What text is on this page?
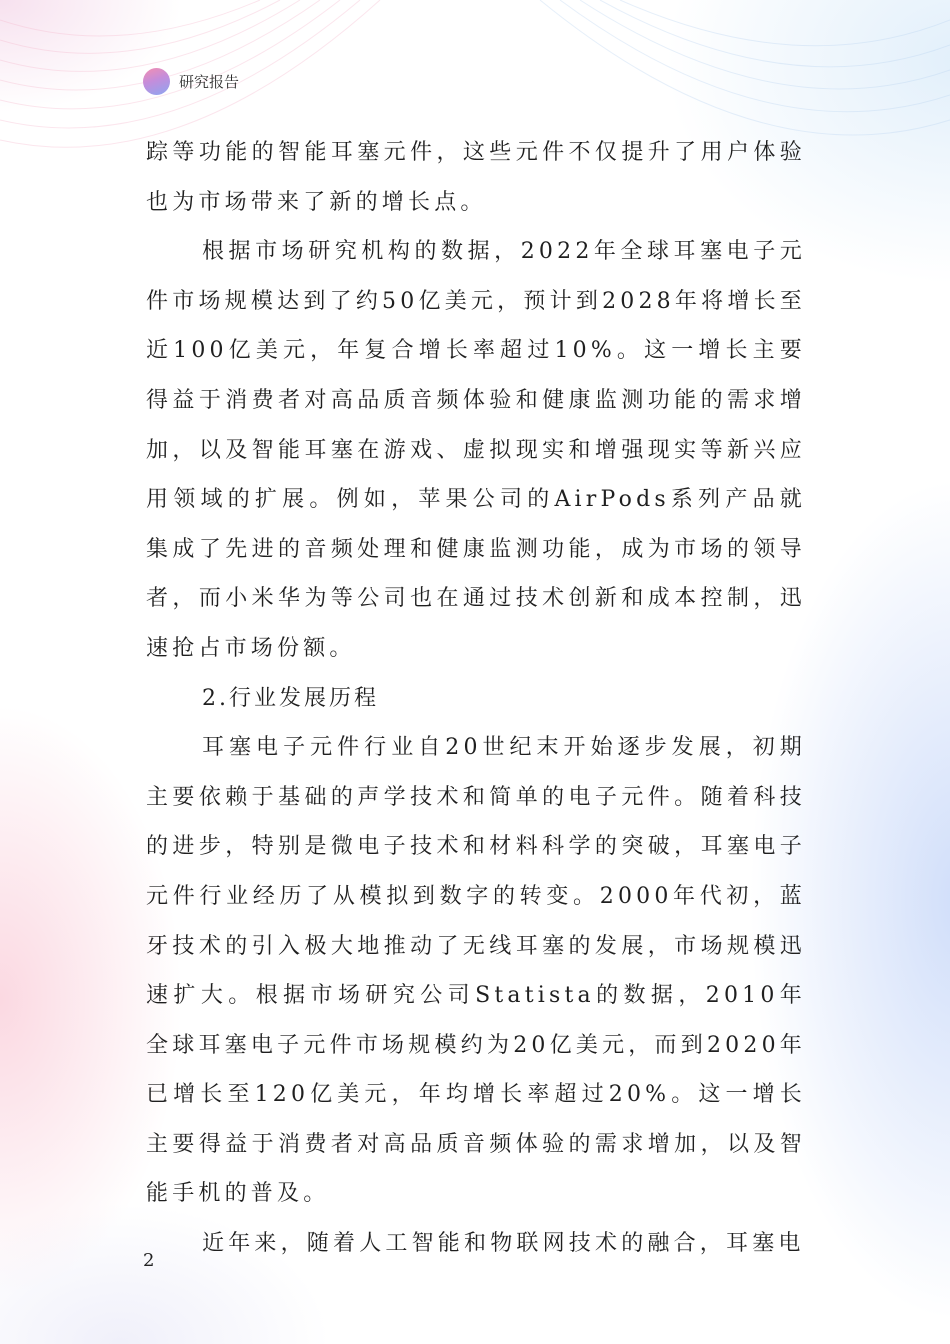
研究报告

踪等功能的智能耳塞元件，这些元件不仅提升了用户体验也为市场带来了新的增长点。

根据市场研究机构的数据，2022年全球耳塞电子元件市场规模达到了约50亿美元，预计到2028年将增长至近100亿美元，年复合增长率超过10%。这一增长主要得益于消费者对高品质音频体验和健康监测功能的需求增加，以及智能耳塞在游戏、虚拟现实和增强现实等新兴应用领域的扩展。例如，苹果公司的AirPods系列产品就集成了先进的音频处理和健康监测功能，成为市场的领导者，而小米华为等公司也在通过技术创新和成本控制，迅速抢占市场份额。

2.行业发展历程

耳塞电子元件行业自20世纪末开始逐步发展，初期主要依赖于基础的声学技术和简单的电子元件。随着科技的进步，特别是微电子技术和材料科学的突破，耳塞电子元件行业经历了从模拟到数字的转变。2000年代初，蓝牙技术的引入极大地推动了无线耳塞的发展，市场规模迅速扩大。根据市场研究公司Statista的数据，2010年全球耳塞电子元件市场规模约为20亿美元，而到2020年已增长至120亿美元，年均增长率超过20%。这一增长主要得益于消费者对高品质音频体验的需求增加，以及智能手机的普及。

近年来，随着人工智能和物联网技术的融合，耳塞电

2
